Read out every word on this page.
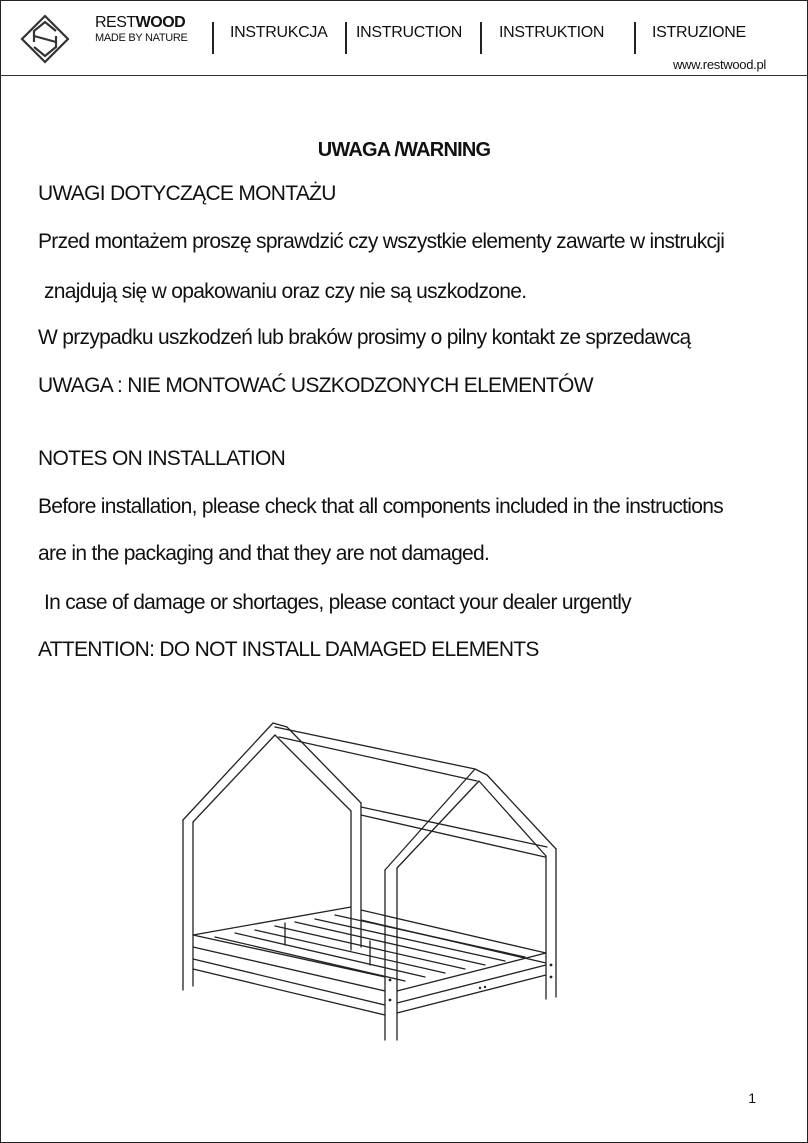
RESTWOOD
MADE BY NATURE	INSTRUKCJA INSTRUCTION INSTRUKTION	ISTRUZIONE
www.restwood.pl
UWAGA /WARNING
UWAGI DOTYCZĄCE MONTAŻU
Przed montażem proszę sprawdzić czy wszystkie elementy zawarte w instrukcji
znajdują się w opakowaniu oraz czy nie są uszkodzone.
W przypadku uszkodzeń lub braków prosimy o pilny kontakt ze sprzedawcą
UWAGA : NIE MONTOWAĆ USZKODZONYCH ELEMENTÓW
NOTES ON INSTALLATION
Before installation, please check that all components included in the instructions
are in the packaging and that they are not damaged.
In case of damage or shortages, please contact your dealer urgently
ATTENTION: DO NOT INSTALL DAMAGED ELEMENTS
1
